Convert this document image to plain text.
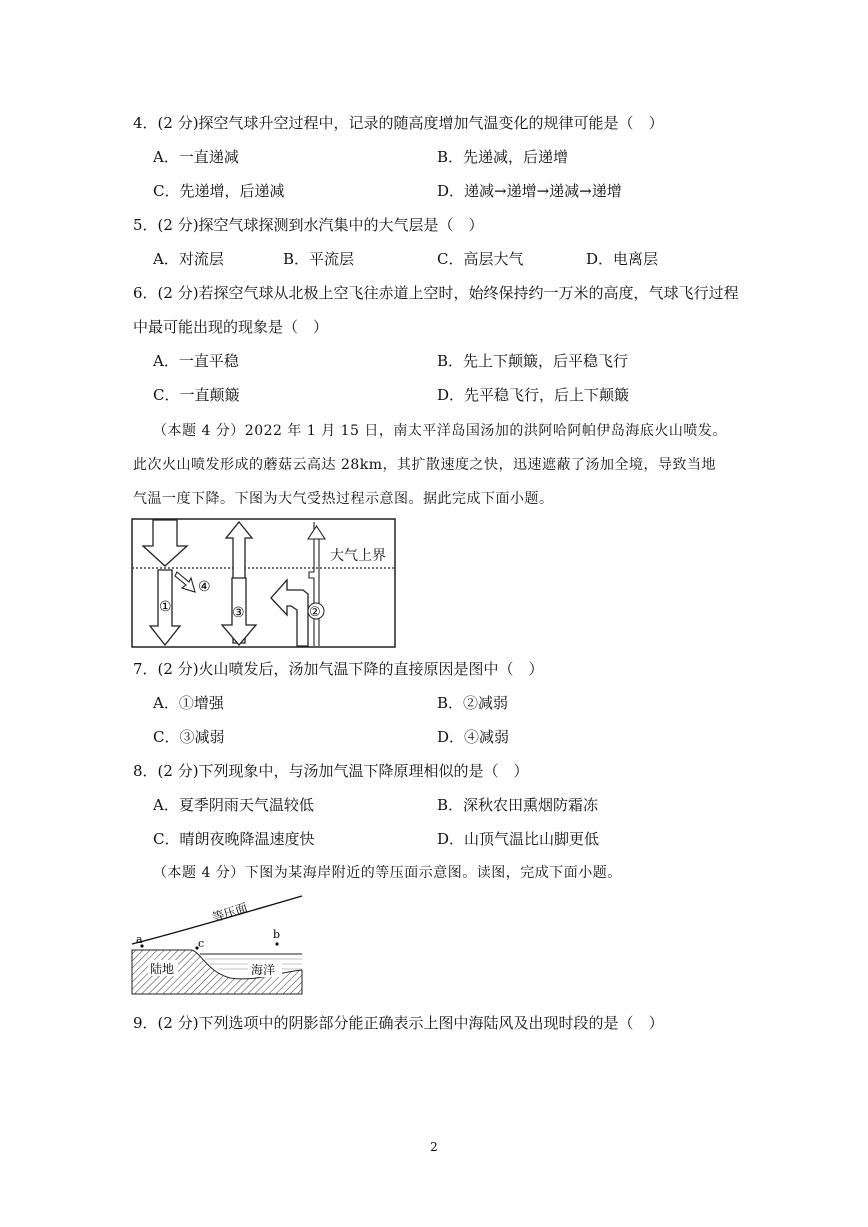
4．(2 分)探空气球升空过程中，记录的随高度增加气温变化的规律可能是（　）
A．一直递减	B．先递减，后递增
C．先递增，后递减	D．递减→递增→递减→递增
5．(2 分)探空气球探测到水汽集中的大气层是（　）
A．对流层	B．平流层	C．高层大气	D．电离层
6．(2 分)若探空气球从北极上空飞往赤道上空时，始终保持约一万米的高度，气球飞行过程
中最可能出现的现象是（　）
A．一直平稳	B．先上下颠簸，后平稳飞行
C．一直颠簸	D．先平稳飞行，后上下颠簸
（本题 4 分）2022 年 1 月 15 日，南太平洋岛国汤加的洪阿哈阿帕伊岛海底火山喷发。
此次火山喷发形成的蘑菇云高达 28km，其扩散速度之快，迅速遮蔽了汤加全境，导致当地
气温一度下降。下图为大气受热过程示意图。据此完成下面小题。
大气上界
①
④
③	②
7．(2 分)火山喷发后，汤加气温下降的直接原因是图中（　）
A．①增强	B．②减弱
C．③减弱	D．④减弱
8．(2 分)下列现象中，与汤加气温下降原理相似的是（　）
A．夏季阴雨天气温较低	B．深秋农田熏烟防霜冻
C．晴朗夜晚降温速度快	D．山顶气温比山脚更低
（本题 4 分）下图为某海岸附近的等压面示意图。读图，完成下面小题。
等压面
a	c
b
陆地	海洋
9．(2 分)下列选项中的阴影部分能正确表示上图中海陆风及出现时段的是（　）
2
